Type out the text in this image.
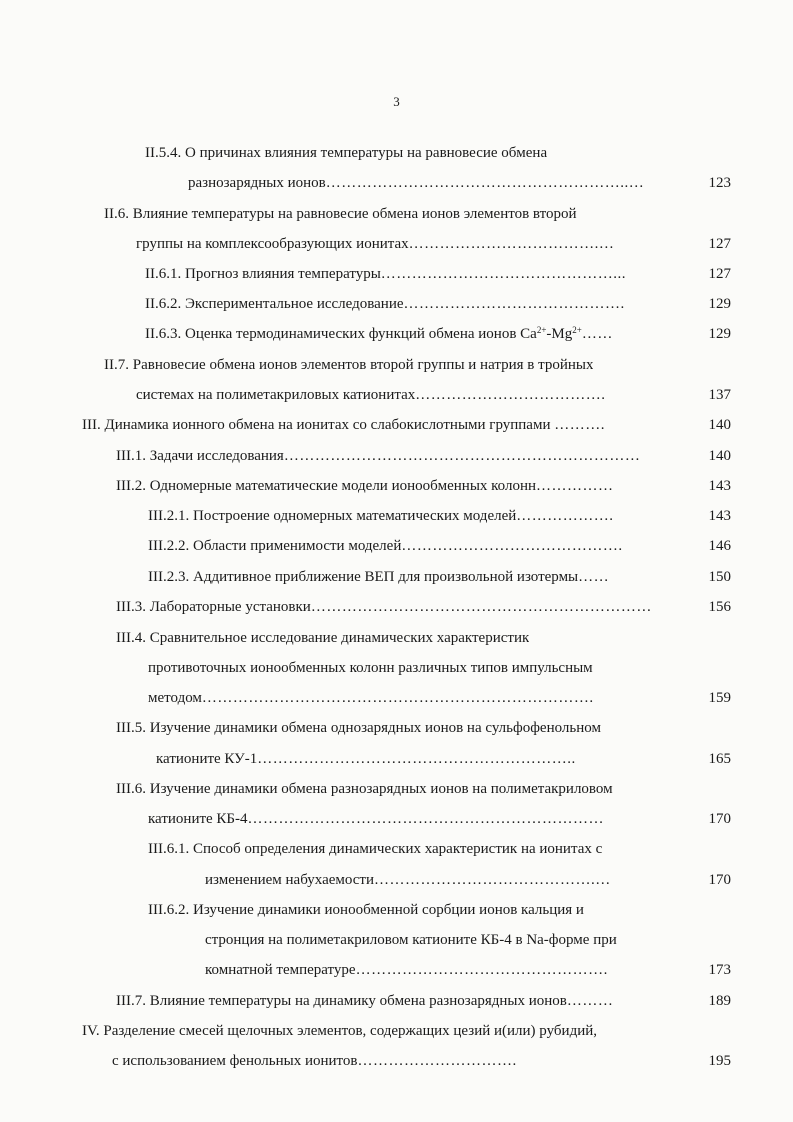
3
II.5.4. О причинах влияния температуры на равновесие обмена
разнозарядных ионов…………………………………………………..…	123
II.6. Влияние температуры на равновесие обмена ионов элементов второй
группы на комплексообразующих ионитах……………………………….…	127
II.6.1. Прогноз влияния температуры………………………………………...	127
II.6.2. Экспериментальное исследование…………………………………….	129
II.6.3. Оценка термодинамических функций обмена ионов $Ca^{2+}-Mg^{2+}\dots\dots$	129
II.7. Равновесие обмена ионов элементов второй группы и натрия в тройных
системах на полиметакриловых катионитах……………………………….	137
III. Динамика ионного обмена на ионитах со слабокислотными группами ……….	140
III.1. Задачи исследования……………………………………………………………	140
III.2. Одномерные математические модели ионообменных колонн……………	143
III.2.1. Построение одномерных математических моделей……………….	143
III.2.2. Области применимости моделей…………………………………….	146
III.2.3. Аддитивное приближение ВЕП для произвольной изотермы……	150
III.3. Лабораторные установки…………………………………………………………	156
III.4. Сравнительное исследование динамических характеристик
противоточных ионообменных колонн различных типов импульсным
методом………………………………………………………………….	159
III.5. Изучение динамики обмена однозарядных ионов на сульфофенольном
катионите КУ-1……………………………………………………..	165
III.6. Изучение динамики обмена разнозарядных ионов на полиметакриловом
катионите КБ-4……………………………………………………………	170
III.6.1. Способ определения динамических характеристик на ионитах с
изменением набухаемости…………………………………….…	170
III.6.2. Изучение динамики ионообменной сорбции ионов кальция и
стронция на полиметакриловом катионите КБ-4 в Na-форме при
комнатной температуре………………………………………….	173
III.7. Влияние температуры на динамику обмена разнозарядных ионов………	189
IV. Разделение смесей щелочных элементов, содержащих цезий и(или) рубидий,
с использованием фенольных ионитов………………………….	195
